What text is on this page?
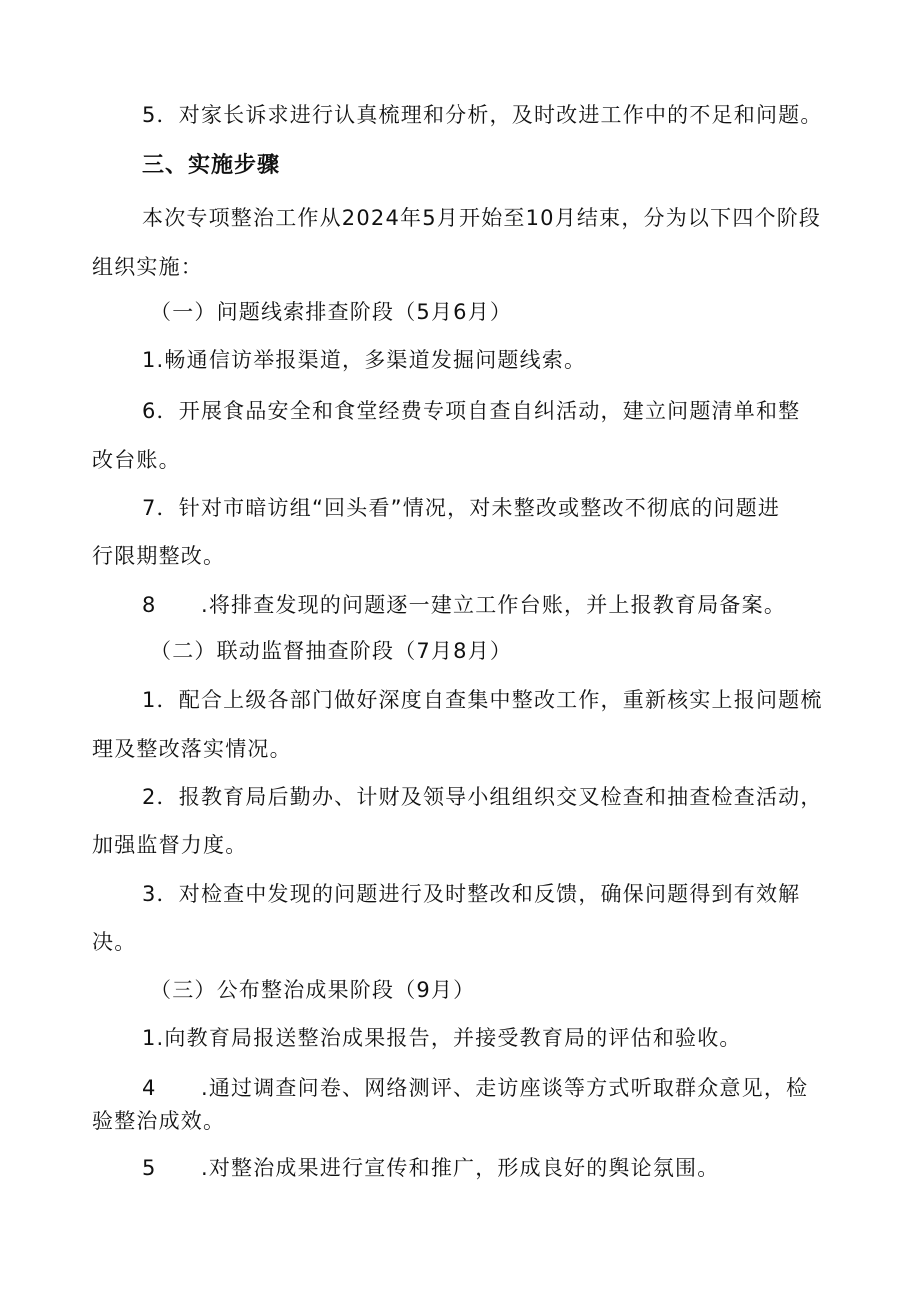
5．对家长诉求进行认真梳理和分析，及时改进工作中的不足和问题。
三、实施步骤
本次专项整治工作从2024年5月开始至10月结束，分为以下四个阶段
组织实施：
（一）问题线索排查阶段（5月6月）
1.畅通信访举报渠道，多渠道发掘问题线索。
6．开展食品安全和食堂经费专项自查自纠活动，建立问题清单和整
改台账。
7．针对市暗访组“回头看”情况，对未整改或整改不彻底的问题进
行限期整改。
8　　.将排查发现的问题逐一建立工作台账，并上报教育局备案。
（二）联动监督抽查阶段（7月8月）
1．配合上级各部门做好深度自查集中整改工作，重新核实上报问题梳
理及整改落实情况。
2．报教育局后勤办、计财及领导小组组织交叉检查和抽查检查活动，
加强监督力度。
3．对检查中发现的问题进行及时整改和反馈，确保问题得到有效解
决。
（三）公布整治成果阶段（9月）
1.向教育局报送整治成果报告，并接受教育局的评估和验收。
4　　.通过调查问卷、网络测评、走访座谈等方式听取群众意见，检
验整治成效。
5　　.对整治成果进行宣传和推广，形成良好的舆论氛围。
